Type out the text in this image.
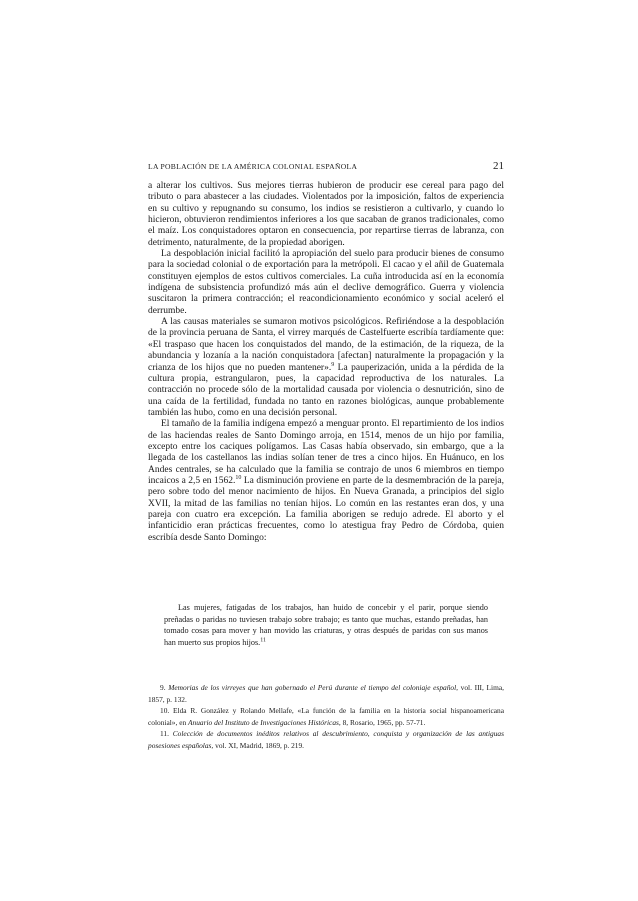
LA POBLACIÓN DE LA AMÉRICA COLONIAL ESPAÑOLA	21

a alterar los cultivos. Sus mejores tierras hubieron de producir ese cereal para pago del tributo o para abastecer a las ciudades. Violentados por la imposición, faltos de experiencia en su cultivo y repugnando su consumo, los indios se resistieron a cultivarlo, y cuando lo hicieron, obtuvieron rendimientos inferiores a los que sacaban de granos tradicionales, como el maíz. Los conquistadores optaron en consecuencia, por repartirse tierras de labranza, con detrimento, naturalmente, de la propiedad aborigen.

La despoblación inicial facilitó la apropiación del suelo para producir bienes de consumo para la sociedad colonial o de exportación para la metrópoli. El cacao y el añil de Guatemala constituyen ejemplos de estos cultivos comerciales. La cuña introducida así en la economía indígena de subsistencia profundizó más aún el declive demográfico. Guerra y violencia suscitaron la primera contracción; el reacondicionamiento económico y social aceleró el derrumbe.

A las causas materiales se sumaron motivos psicológicos. Refiriéndose a la despoblación de la provincia peruana de Santa, el virrey marqués de Castelfuerte escribía tardíamente que: «El traspaso que hacen los conquistados del mando, de la estimación, de la riqueza, de la abundancia y lozanía a la nación conquistadora [afectan] naturalmente la propagación y la crianza de los hijos que no pueden mantener».$^9$ La pauperización, unida a la pérdida de la cultura propia, estrangularon, pues, la capacidad reproductiva de los naturales. La contracción no procede sólo de la mortalidad causada por violencia o desnutrición, sino de una caída de la fertilidad, fundada no tanto en razones biológicas, aunque probablemente también las hubo, como en una decisión personal.

El tamaño de la familia indígena empezó a menguar pronto. El repartimiento de los indios de las haciendas reales de Santo Domingo arroja, en 1514, menos de un hijo por familia, excepto entre los caciques polígamos. Las Casas había observado, sin embargo, que a la llegada de los castellanos las indias solían tener de tres a cinco hijos. En Huánuco, en los Andes centrales, se ha calculado que la familia se contrajo de unos 6 miembros en tiempo incaicos a 2,5 en 1562.10 La disminución proviene en parte de la desmembración de la pareja, pero sobre todo del menor nacimiento de hijos. En Nueva Granada, a principios del siglo XVII, la mitad de las familias no tenían hijos. Lo común en las restantes eran dos, y una pareja con cuatro era excepción. La familia aborigen se redujo adrede. El aborto y el infanticidio eran prácticas frecuentes, como lo atestigua fray Pedro de Córdoba, quien escribía desde Santo Domingo:

Las mujeres, fatigadas de los trabajos, han huido de concebir y el parir, porque siendo preñadas o paridas no tuviesen trabajo sobre trabajo; es tanto que muchas, estando preñadas, han tomado cosas para mover y han movido las criaturas, y otras después de paridas con sus manos han muerto sus propios hijos.$^{11}$

9. Memorias de los virreyes que han gobernado el Perú durante el tiempo del coloniaje español, vol. III, Lima, 1857, p. 132.

10. Elda R. González y Rolando Mellafe, «La función de la familia en la historia social hispanoamericana colonial», en Anuario del Instituto de Investigaciones Históricas, 8, Rosario, 1965, pp. 57-71.

11. Colección de documentos inéditos relativos al descubrimiento, conquista y organización de las antiguas posesiones españolas, vol. XI, Madrid, 1869, p. 219.
